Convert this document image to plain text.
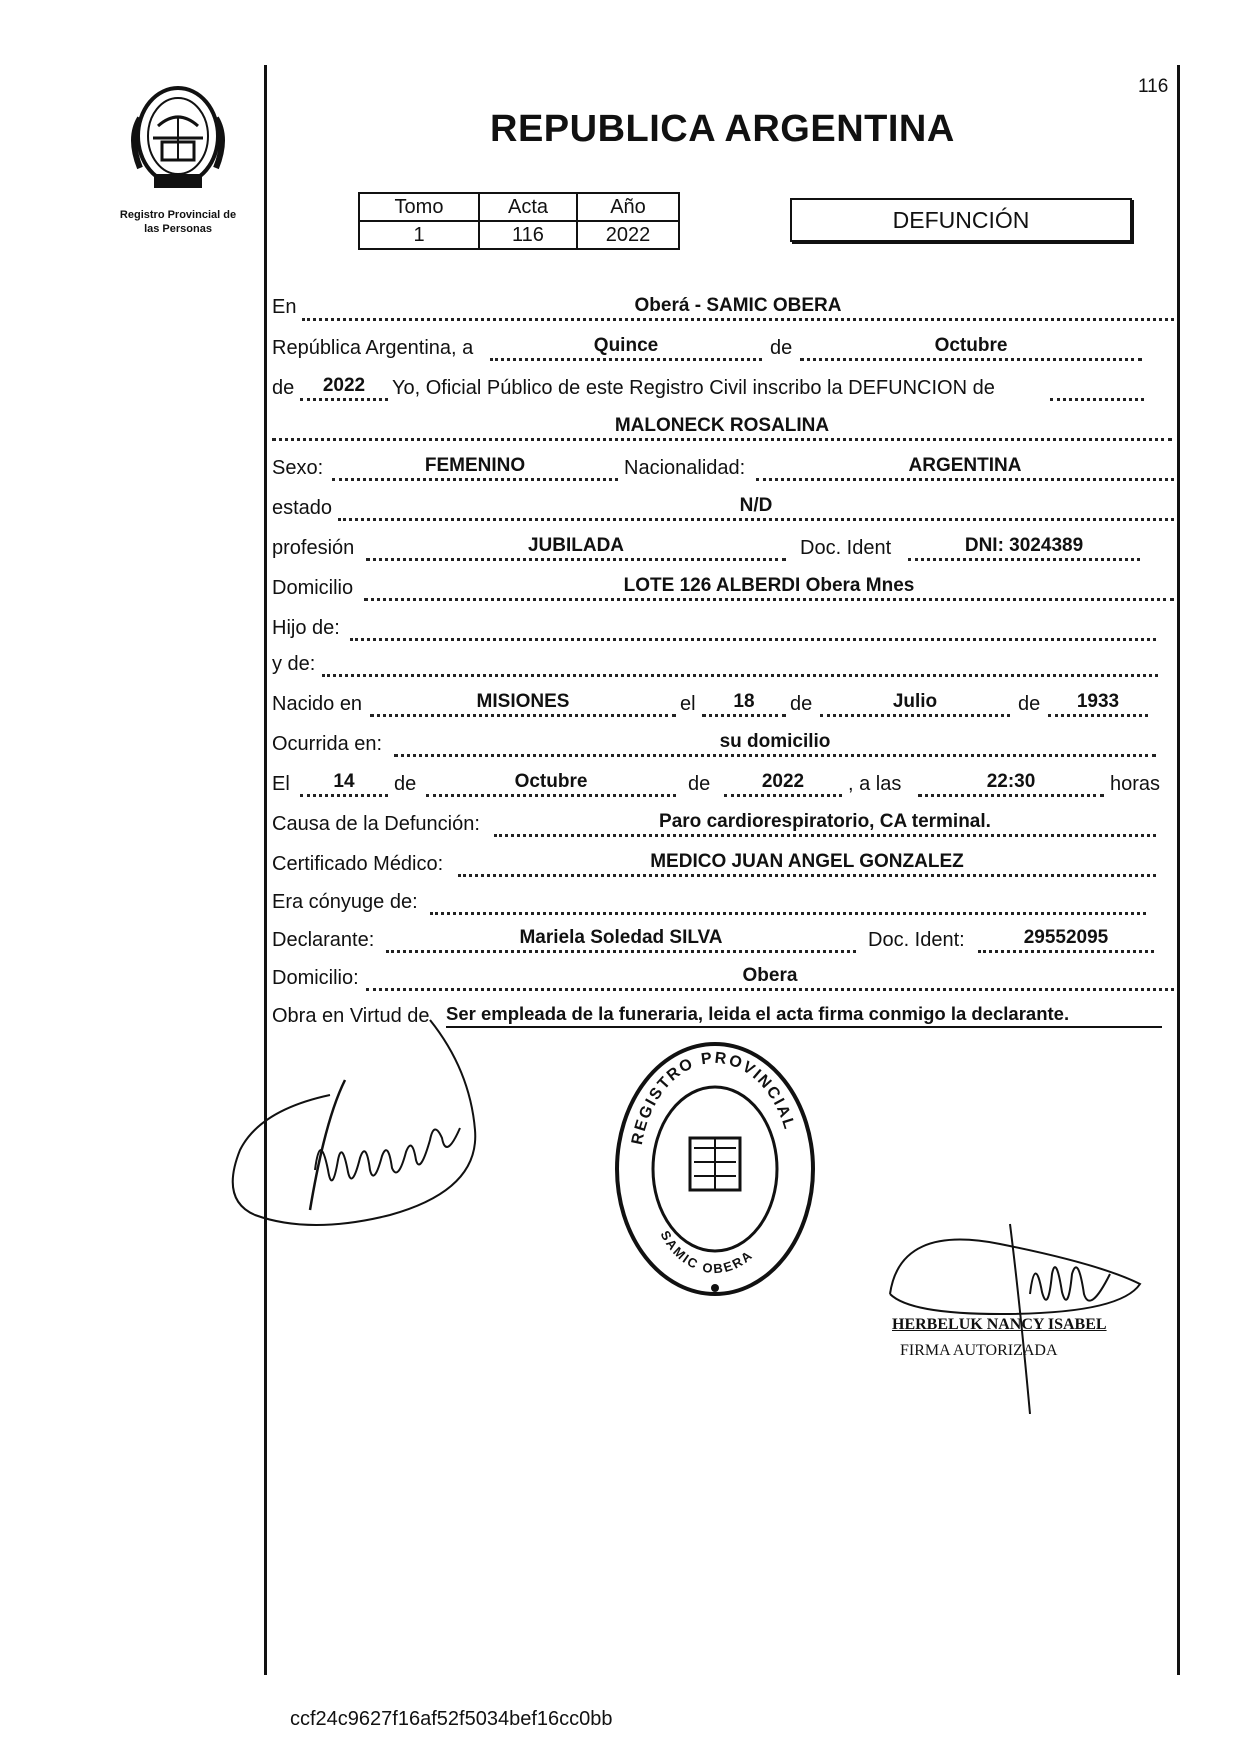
116
Registro Provincial de
las Personas
REPUBLICA ARGENTINA
Tomo	Acta	Año
1	116	2022
DEFUNCIÓN
En	Oberá - SAMIC OBERA
República Argentina, a	Quince	de	Octubre
de	2022	Yo, Oficial Público de este Registro Civil inscribo la DEFUNCION de
MALONECK ROSALINA
Sexo:	FEMENINO	Nacionalidad:	ARGENTINA
estado	N/D
profesión	JUBILADA	Doc. Ident	DNI: 3024389
Domicilio	LOTE 126 ALBERDI Obera Mnes
Hijo de:
y de:
Nacido en	MISIONES	el	18	de	Julio	de	1933
Ocurrida en:	su domicilio
El	14	de	Octubre	de	2022	, a las	22:30	horas
Causa de la Defunción:	Paro cardiorespiratorio, CA terminal.
Certificado Médico:	MEDICO JUAN ANGEL GONZALEZ
Era cónyuge de:
Declarante:	Mariela Soledad SILVA	Doc. Ident:	29552095
Domicilio:	Obera
Obra en Virtud de Ser empleada de la funeraria, leida el acta firma conmigo la declarante.
REGISTRO PROVINCIAL
SAMIC OBERA
HERBELUK NANCY ISABEL
FIRMA AUTORIZADA
ccf24c9627f16af52f5034bef16cc0bb
